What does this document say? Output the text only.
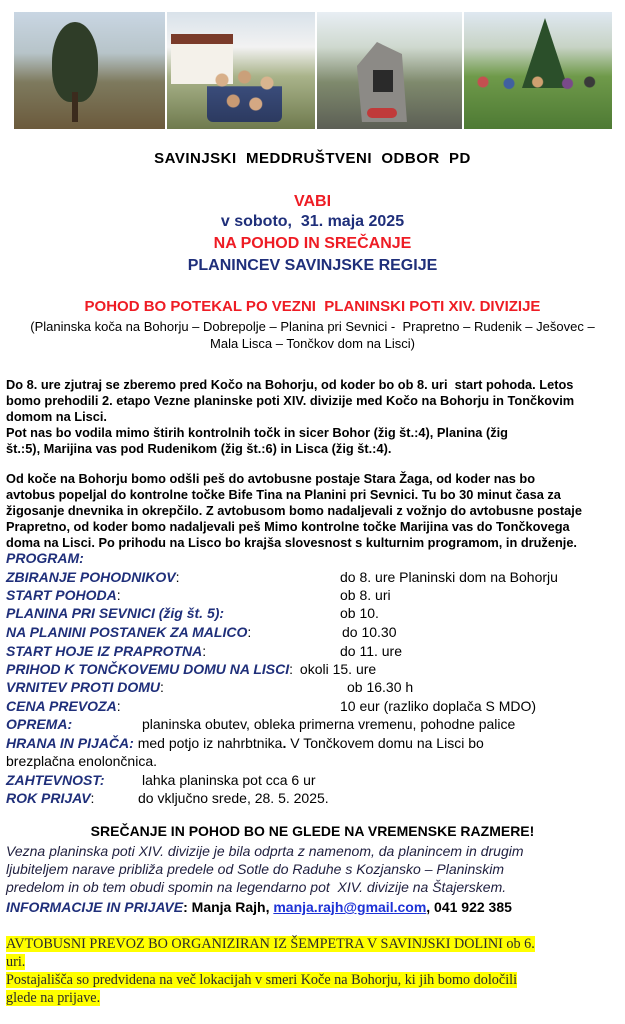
SAVINJSKI  MEDDRUŠTVENI  ODBOR  PD
VABI
v soboto,  31. maja 2025
NA POHOD IN SREČANJE
PLANINCEV SAVINJSKE REGIJE
POHOD BO POTEKAL PO VEZNI  PLANINSKI POTI XIV. DIVIZIJE
(Planinska koča na Bohorju – Dobrepolje – Planina pri Sevnici -  Prapretno – Rudenik – Ješovec –
Mala Lisca – Tončkov dom na Lisci)
Do 8. ure zjutraj se zberemo pred Kočo na Bohorju, od koder bo ob 8. uri  start pohoda. Letos
bomo prehodili 2. etapo Vezne planinske poti XIV. divizije med Kočo na Bohorju in Tončkovim
domom na Lisci.
Pot nas bo vodila mimo štirih kontrolnih točk in sicer Bohor (žig št.:4), Planina (žig
št.:5), Marijina vas pod Rudenikom (žig št.:6) in Lisca (žig št.:4).
Od koče na Bohorju bomo odšli peš do avtobusne postaje Stara Žaga, od koder nas bo
avtobus popeljal do kontrolne točke Bife Tina na Planini pri Sevnici. Tu bo 30 minut časa za
žigosanje dnevnika in okrepčilo. Z avtobusom bomo nadaljevali z vožnjo do avtobusne postaje
Prapretno, od koder bomo nadaljevali peš Mimo kontrolne točke Marijina vas do Tončkovega
doma na Lisci. Po prihodu na Lisco bo krajša slovesnost s kulturnim programom, in druženje.
PROGRAM:
ZBIRANJE POHODNIKOV:	do 8. ure Planinski dom na Bohorju
START POHODA:	ob 8. uri
PLANINA PRI SEVNICI (žig št. 5):	ob 10.
NA PLANINI POSTANEK ZA MALICO:	do 10.30
START HOJE IZ PRAPROTNA:	do 11. ure
PRIHOD K TONČKOVEMU DOMU NA LISCI: okoli 15. ure
VRNITEV PROTI DOMU:	ob 16.30 h
CENA PREVOZA:	10 eur (razliko doplača S MDO)
OPREMA:	planinska obutev, obleka primerna vremenu, pohodne palice
HRANA IN PIJAČA: med potjo iz nahrbtnika. V Tončkovem domu na Lisci bo
brezplačna enolončnica.
ZAHTEVNOST:	lahka planinska pot cca 6 ur
ROK PRIJAV:	do vključno srede, 28. 5. 2025.
SREČANJE IN POHOD BO NE GLEDE NA VREMENSKE RAZMERE!
Vezna planinska poti XIV. divizije je bila odprta z namenom, da planincem in drugim
ljubiteljem narave približa predele od Sotle do Raduhe s Kozjansko – Planinskim
predelom in ob tem obudi spomin na legendarno pot  XIV. divizije na Štajerskem.
INFORMACIJE IN PRIJAVE: Manja Rajh, manja.rajh@gmail.com, 041 922 385
AVTOBUSNI PREVOZ BO ORGANIZIRAN IZ ŠEMPETRA V SAVINJSKI DOLINI ob 6.
uri.
Postajališča so predvidena na več lokacijah v smeri Koče na Bohorju, ki jih bomo določili
glede na prijave.
